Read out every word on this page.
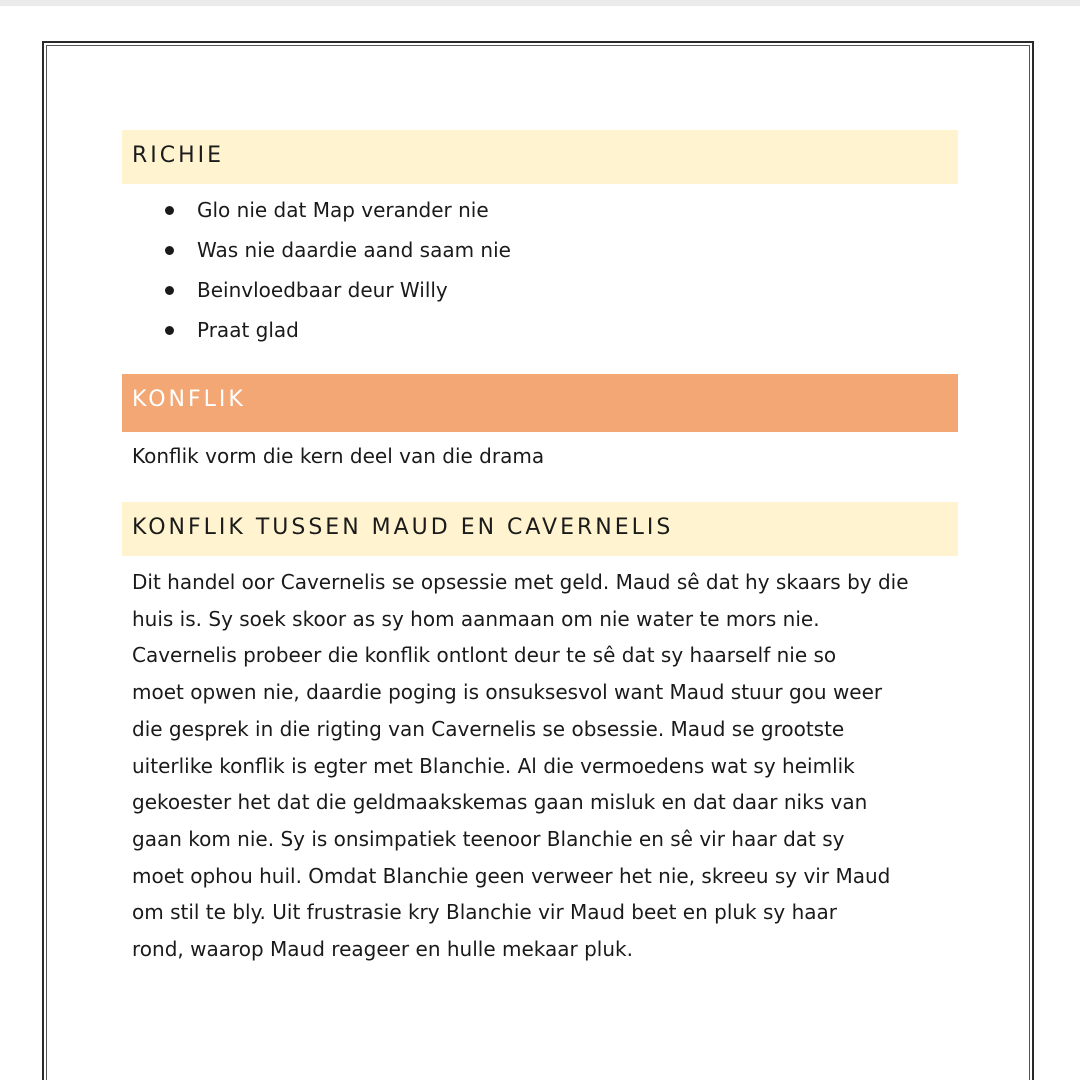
RICHIE
Glo nie dat Map verander nie
Was nie daardie aand saam nie
Beinvloedbaar deur Willy
Praat glad
KONFLIK
Konflik vorm die kern deel van die drama
KONFLIK TUSSEN MAUD EN CAVERNELIS
Dit handel oor Cavernelis se opsessie met geld. Maud sê dat hy skaars by die
huis is. Sy soek skoor as sy hom aanmaan om nie water te mors nie.
Cavernelis probeer die konflik ontlont deur te sê dat sy haarself nie so
moet opwen nie, daardie poging is onsuksesvol want Maud stuur gou weer
die gesprek in die rigting van Cavernelis se obsessie. Maud se grootste
uiterlike konflik is egter met Blanchie. Al die vermoedens wat sy heimlik
gekoester het dat die geldmaakskemas gaan misluk en dat daar niks van
gaan kom nie. Sy is onsimpatiek teenoor Blanchie en sê vir haar dat sy
moet ophou huil. Omdat Blanchie geen verweer het nie, skreeu sy vir Maud
om stil te bly. Uit frustrasie kry Blanchie vir Maud beet en pluk sy haar
rond, waarop Maud reageer en hulle mekaar pluk.
